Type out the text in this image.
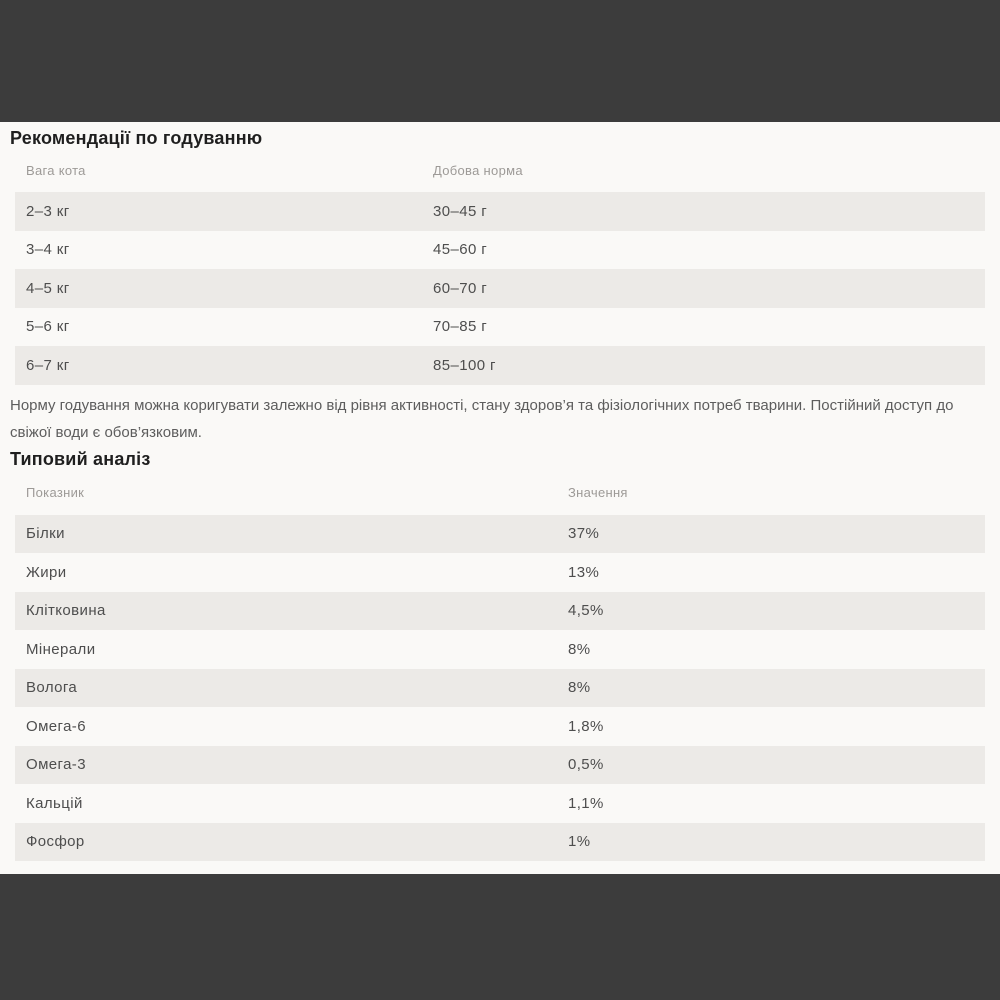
Рекомендації по годуванню
Вага кота	Добова норма
2–3 кг	30–45 г
3–4 кг	45–60 г
4–5 кг	60–70 г
5–6 кг	70–85 г
6–7 кг	85–100 г

Норму годування можна коригувати залежно від рівня активності, стану здоров’я та фізіологічних потреб тварини. Постійний доступ до свіжої води є обов’язковим.

Типовий аналіз
Показник	Значення
Білки	37%
Жири	13%
Клітковина	4,5%
Мінерали	8%
Волога	8%
Омега-6	1,8%
Омега-3	0,5%
Кальцій	1,1%
Фосфор	1%
